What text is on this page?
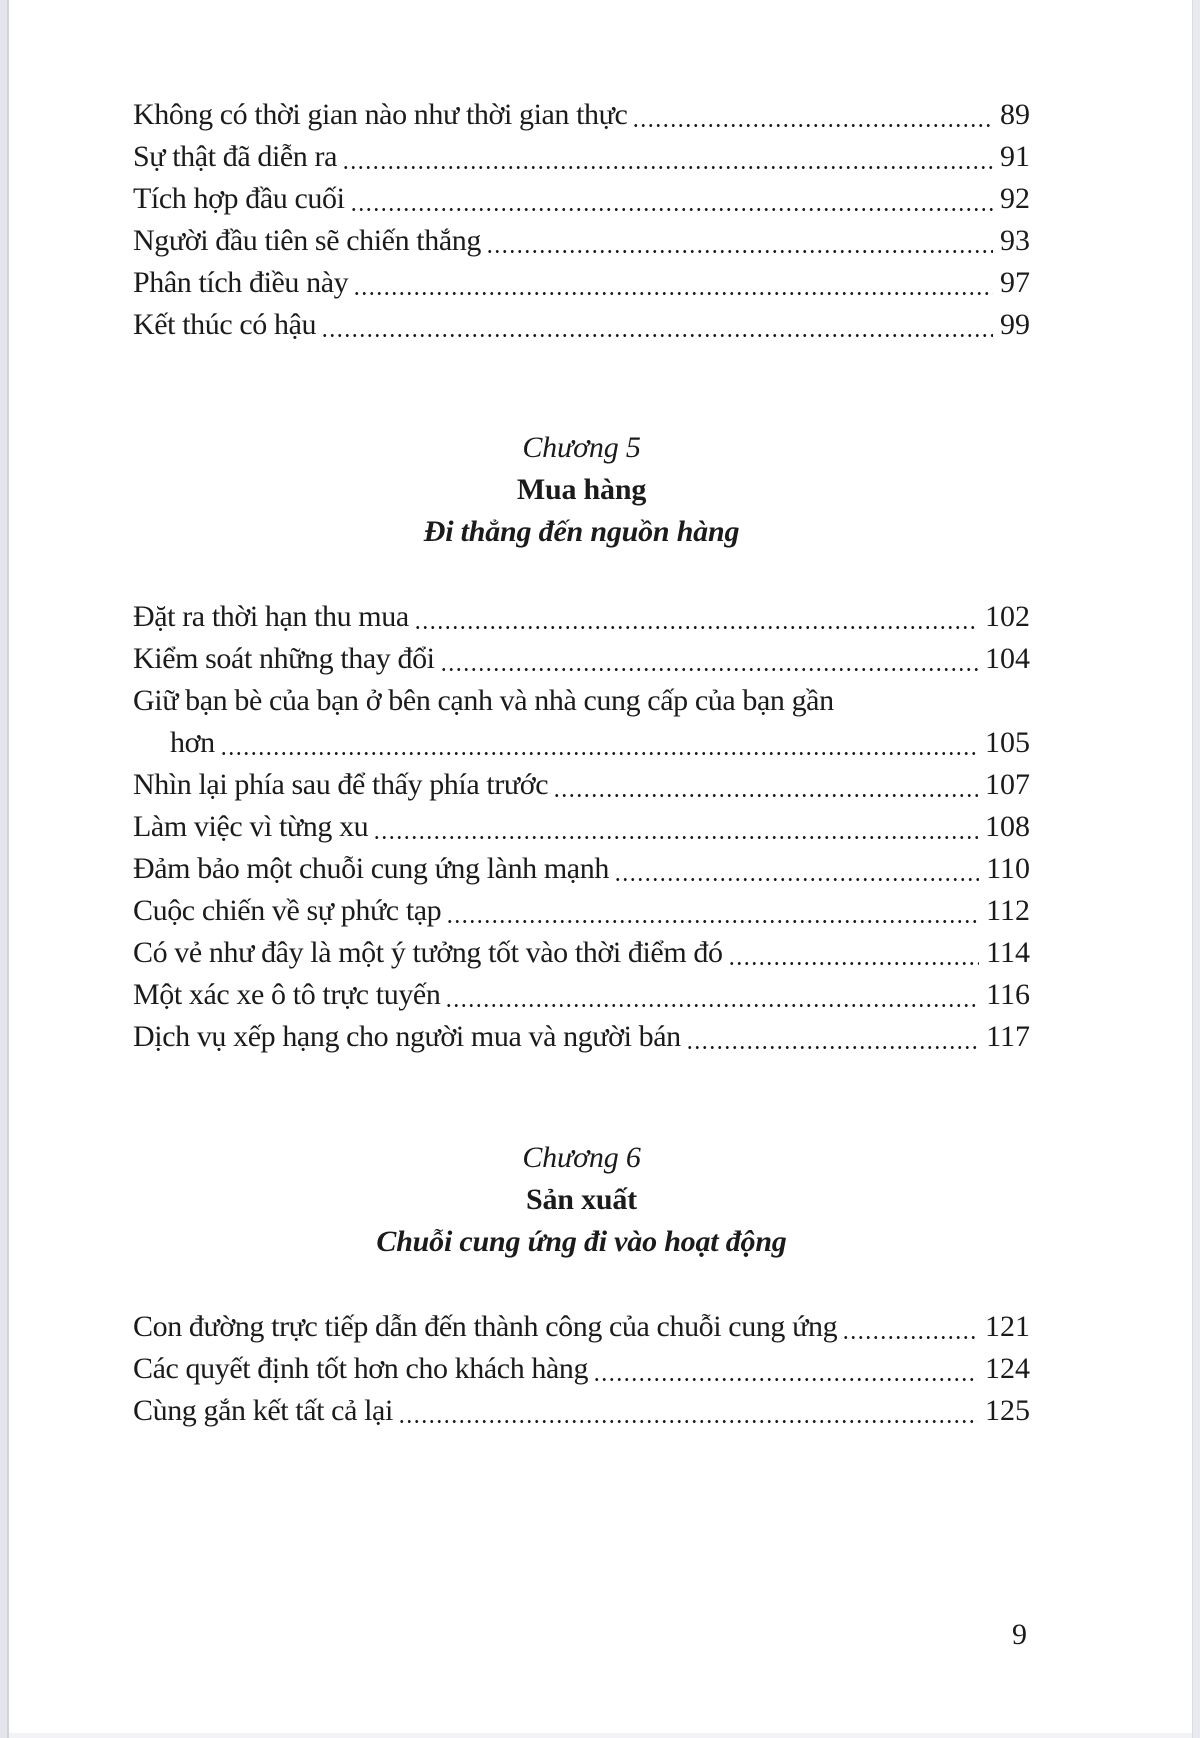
Không có thời gian nào như thời gian thực	89
Sự thật đã diễn ra	91
Tích hợp đầu cuối	92
Người đầu tiên sẽ chiến thắng	93
Phân tích điều này	97
Kết thúc có hậu	99
Chương 5
Mua hàng
Đi thẳng đến nguồn hàng
Đặt ra thời hạn thu mua	102
Kiểm soát những thay đổi	104
Giữ bạn bè của bạn ở bên cạnh và nhà cung cấp của bạn gần
hơn	105
Nhìn lại phía sau để thấy phía trước	107
Làm việc vì từng xu	108
Đảm bảo một chuỗi cung ứng lành mạnh	110
Cuộc chiến về sự phức tạp	112
Có vẻ như đây là một ý tưởng tốt vào thời điểm đó	114
Một xác xe ô tô trực tuyến	116
Dịch vụ xếp hạng cho người mua và người bán	117
Chương 6
Sản xuất
Chuỗi cung ứng đi vào hoạt động
Con đường trực tiếp dẫn đến thành công của chuỗi cung ứng	121
Các quyết định tốt hơn cho khách hàng	124
Cùng gắn kết tất cả lại	125
9
